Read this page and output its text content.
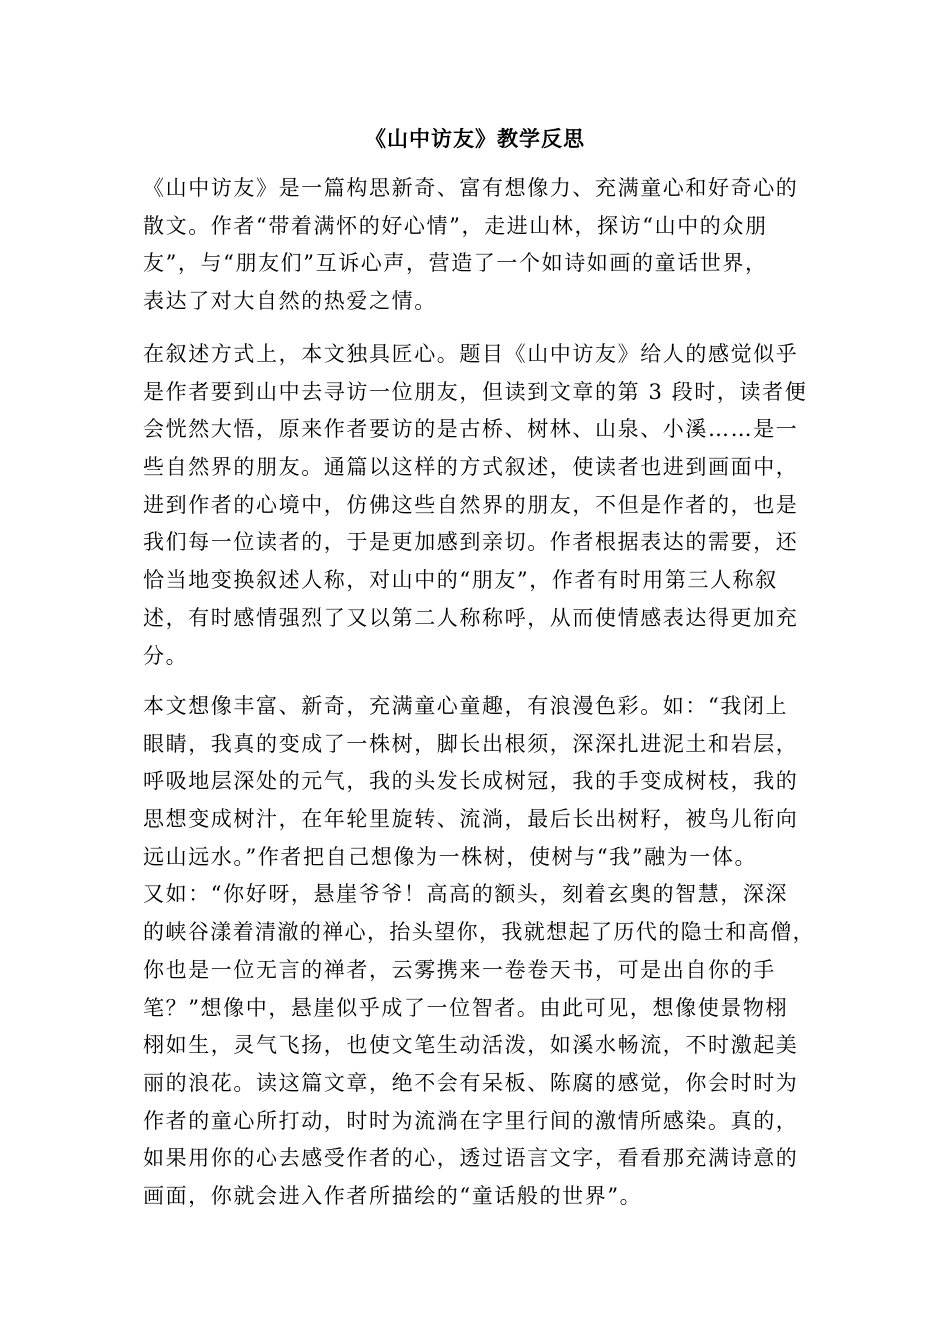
《山中访友》教学反思
《山中访友》是一篇构思新奇、富有想像力、充满童心和好奇心的
散文。作者“带着满怀的好心情”，走进山林，探访“山中的众朋
友”，与“朋友们”互诉心声，营造了一个如诗如画的童话世界，
表达了对大自然的热爱之情。
在叙述方式上，本文独具匠心。题目《山中访友》给人的感觉似乎
是作者要到山中去寻访一位朋友，但读到文章的第 3 段时，读者便
会恍然大悟，原来作者要访的是古桥、树林、山泉、小溪……是一
些自然界的朋友。通篇以这样的方式叙述，使读者也进到画面中，
进到作者的心境中，仿佛这些自然界的朋友，不但是作者的，也是
我们每一位读者的，于是更加感到亲切。作者根据表达的需要，还
恰当地变换叙述人称，对山中的“朋友”，作者有时用第三人称叙
述，有时感情强烈了又以第二人称称呼，从而使情感表达得更加充
分。
本文想像丰富、新奇，充满童心童趣，有浪漫色彩。如：“我闭上
眼睛，我真的变成了一株树，脚长出根须，深深扎进泥土和岩层，
呼吸地层深处的元气，我的头发长成树冠，我的手变成树枝，我的
思想变成树汁，在年轮里旋转、流淌，最后长出树籽，被鸟儿衔向
远山远水。”作者把自己想像为一株树，使树与“我”融为一体。
又如：“你好呀，悬崖爷爷！高高的额头，刻着玄奥的智慧，深深
的峡谷漾着清澈的禅心，抬头望你，我就想起了历代的隐士和高僧，
你也是一位无言的禅者，云雾携来一卷卷天书，可是出自你的手
笔？”想像中，悬崖似乎成了一位智者。由此可见，想像使景物栩
栩如生，灵气飞扬，也使文笔生动活泼，如溪水畅流，不时激起美
丽的浪花。读这篇文章，绝不会有呆板、陈腐的感觉，你会时时为
作者的童心所打动，时时为流淌在字里行间的激情所感染。真的，
如果用你的心去感受作者的心，透过语言文字，看看那充满诗意的
画面，你就会进入作者所描绘的“童话般的世界”。
